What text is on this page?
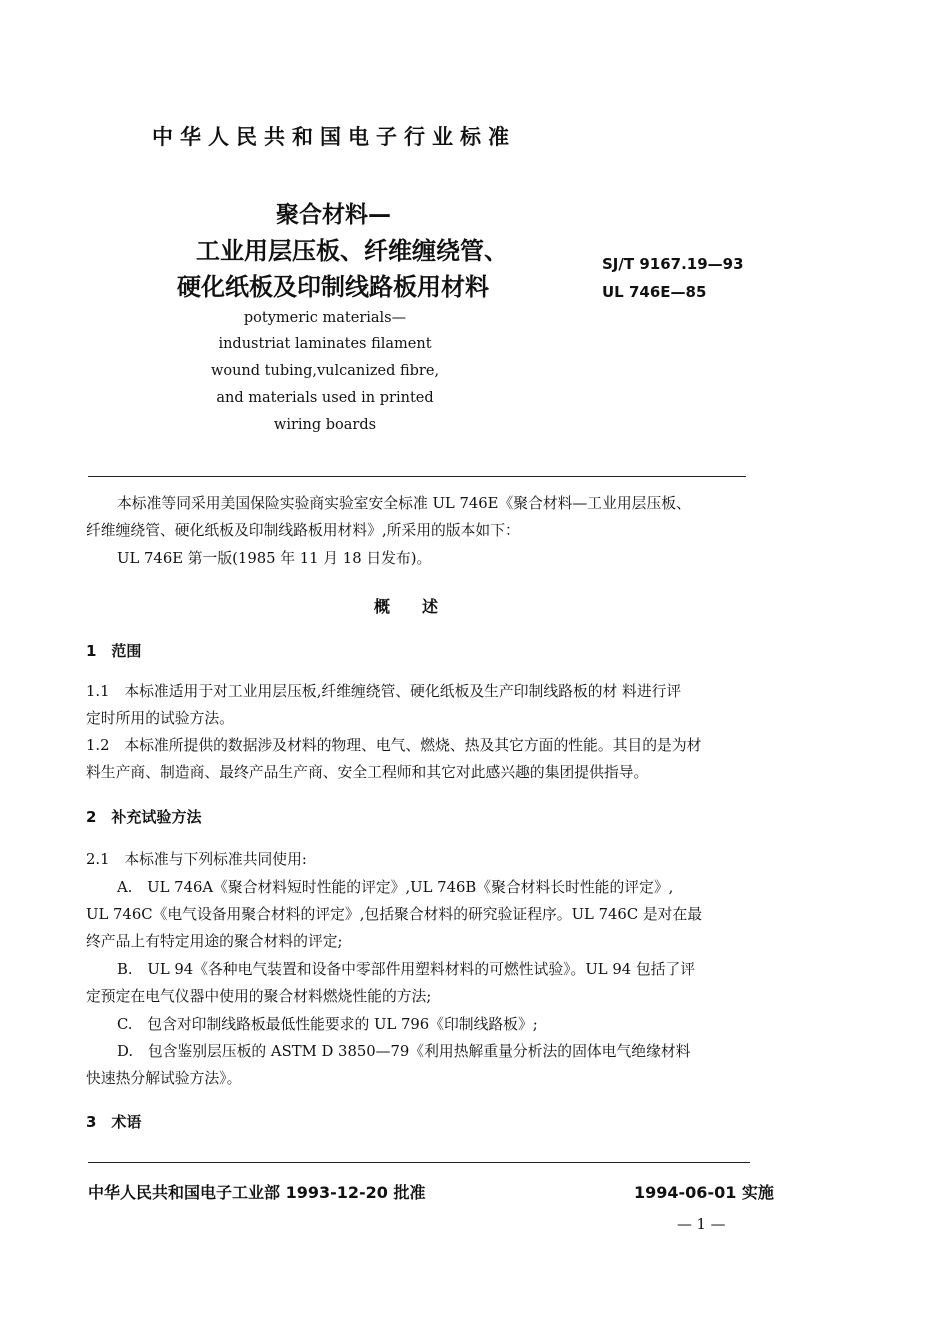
中华人民共和国电子行业标准
聚合材料—
工业用层压板、纤维缠绕管、
硬化纸板及印制线路板用材料
SJ/T 9167.19—93
UL 746E—85
potymeric materials—
industriat laminates filament
wound tubing,vulcanized fibre,
and materials used in printed
wiring boards
本标准等同采用美国保险实验商实验室安全标准 UL 746E《聚合材料—工业用层压板、
纤维缠绕管、硬化纸板及印制线路板用材料》,所采用的版本如下：
UL 746E 第一版(1985 年 11 月 18 日发布)。
概　　述
1　范围
1.1　本标准适用于对工业用层压板,纤维缠绕管、硬化纸板及生产印制线路板的材 料进行评
定时所用的试验方法。
1.2　本标准所提供的数据涉及材料的物理、电气、燃烧、热及其它方面的性能。其目的是为材
料生产商、制造商、最终产品生产商、安全工程师和其它对此感兴趣的集团提供指导。
2　补充试验方法
2.1　本标准与下列标准共同使用:
A.　UL 746A《聚合材料短时性能的评定》,UL 746B《聚合材料长时性能的评定》,
UL 746C《电气设备用聚合材料的评定》,包括聚合材料的研究验证程序。UL 746C 是对在最
终产品上有特定用途的聚合材料的评定;
B.　UL 94《各种电气装置和设备中零部件用塑料材料的可燃性试验》。UL 94 包括了评
定预定在电气仪器中使用的聚合材料燃烧性能的方法;
C.　包含对印制线路板最低性能要求的 UL 796《印制线路板》;
D.　包含鉴别层压板的 ASTM D 3850—79《利用热解重量分析法的固体电气绝缘材料
快速热分解试验方法》。
3　术语
中华人民共和国电子工业部 1993-12-20 批准	1994-06-01 实施
— 1 —
